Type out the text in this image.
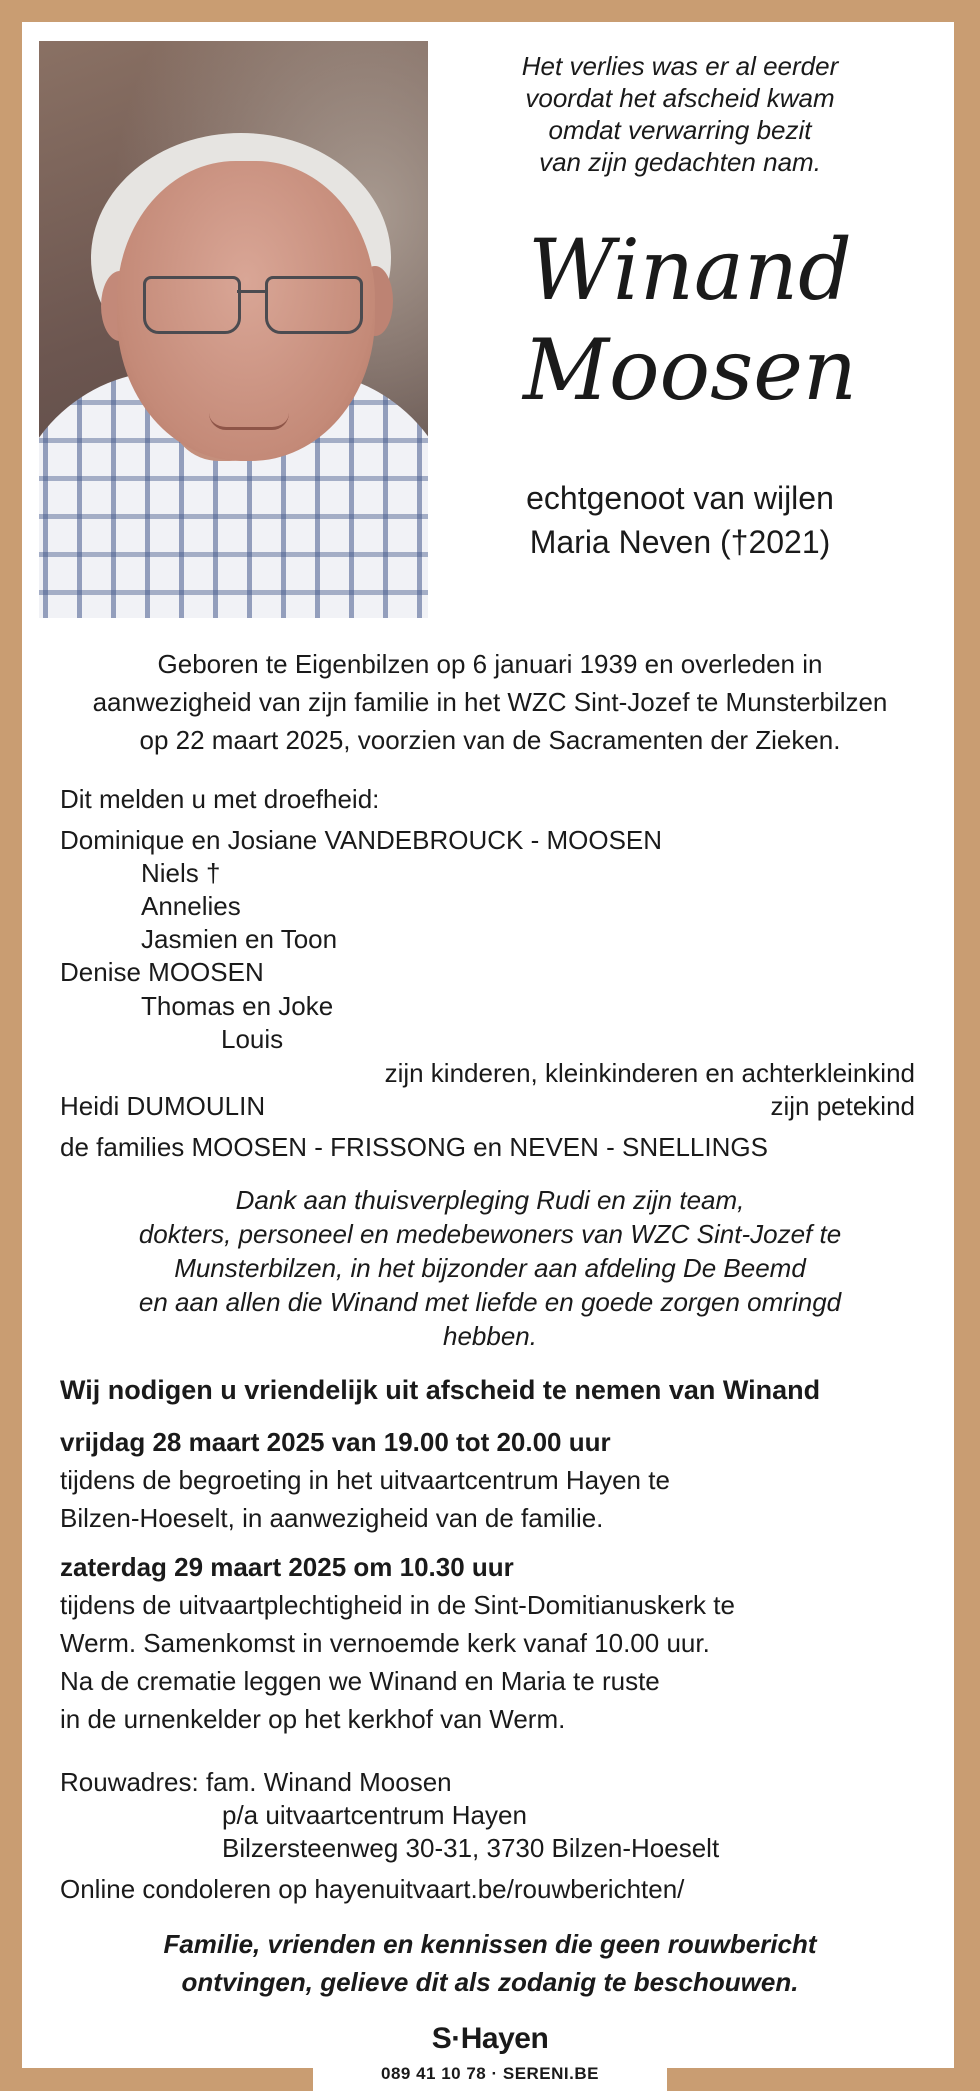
Het verlies was er al eerder
voordat het afscheid kwam
omdat verwarring bezit
van zijn gedachten nam.
Winand
Moosen
echtgenoot van wijlen
Maria Neven (†2021)
Geboren te Eigenbilzen op 6 januari 1939 en overleden in
aanwezigheid van zijn familie in het WZC Sint-Jozef te Munsterbilzen
op 22 maart 2025, voorzien van de Sacramenten der Zieken.
Dit melden u met droefheid:
Dominique en Josiane VANDEBROUCK - MOOSEN
Niels †
Annelies
Jasmien en Toon
Denise MOOSEN
Thomas en Joke
Louis
zijn kinderen, kleinkinderen en achterkleinkind
Heidi DUMOULIN	zijn petekind
de families MOOSEN - FRISSONG en NEVEN - SNELLINGS
Dank aan thuisverpleging Rudi en zijn team,
dokters, personeel en medebewoners van WZC Sint-Jozef te
Munsterbilzen, in het bijzonder aan afdeling De Beemd
en aan allen die Winand met liefde en goede zorgen omringd
hebben.
Wij nodigen u vriendelijk uit afscheid te nemen van Winand
vrijdag 28 maart 2025 van 19.00 tot 20.00 uur
tijdens de begroeting in het uitvaartcentrum Hayen te
Bilzen-Hoeselt, in aanwezigheid van de familie.
zaterdag 29 maart 2025 om 10.30 uur
tijdens de uitvaartplechtigheid in de Sint-Domitianuskerk te
Werm. Samenkomst in vernoemde kerk vanaf 10.00 uur.
Na de crematie leggen we Winand en Maria te ruste
in de urnenkelder op het kerkhof van Werm.
Rouwadres: fam. Winand Moosen
p/a uitvaartcentrum Hayen
Bilzersteenweg 30-31, 3730 Bilzen-Hoeselt
Online condoleren op hayenuitvaart.be/rouwberichten/
Familie, vrienden en kennissen die geen rouwbericht
ontvingen, gelieve dit als zodanig te beschouwen.
S·Hayen
089 41 10 78 · SERENI.BE
